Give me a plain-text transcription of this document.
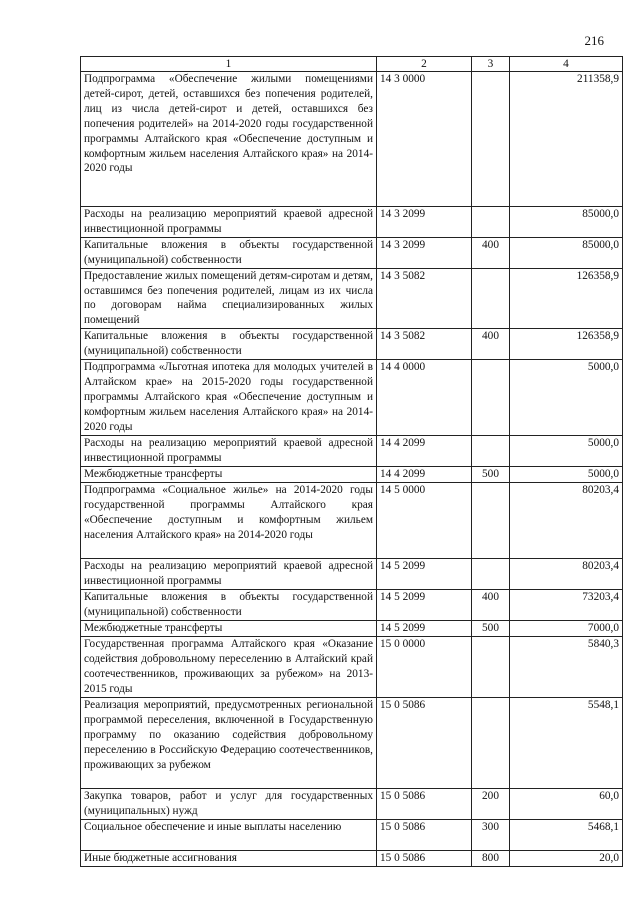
216
1	2	3	4
Подпрограмма «Обеспечение жилыми помещениями детей-сирот, детей, оставшихся без попечения родителей, лиц из числа детей-сирот и детей, оставшихся без попечения родителей» на 2014-2020 годы государственной программы Алтайского края «Обеспечение доступным и комфортным жильем населения Алтайского края» на 2014-2020 годы	14 3 0000		211358,9
Расходы на реализацию мероприятий краевой адресной инвестиционной программы	14 3 2099		85000,0
Капитальные вложения в объекты государственной (муниципальной) собственности	14 3 2099	400	85000,0
Предоставление жилых помещений детям-сиротам и детям, оставшимся без попечения родителей, лицам из их числа по договорам найма специализированных жилых помещений	14 3 5082		126358,9
Капитальные вложения в объекты государственной (муниципальной) собственности	14 3 5082	400	126358,9
Подпрограмма «Льготная ипотека для молодых учителей в Алтайском крае» на 2015-2020 годы государственной программы Алтайского края «Обеспечение доступным и комфортным жильем населения Алтайского края» на 2014-2020 годы	14 4 0000		5000,0
Расходы на реализацию мероприятий краевой адресной инвестиционной программы	14 4 2099		5000,0
Межбюджетные трансферты	14 4 2099	500	5000,0
Подпрограмма «Социальное жилье» на 2014-2020 годы государственной программы Алтайского края «Обеспечение доступным и комфортным жильем населения Алтайского края» на 2014-2020 годы	14 5 0000		80203,4
Расходы на реализацию мероприятий краевой адресной инвестиционной программы	14 5 2099		80203,4
Капитальные вложения в объекты государственной (муниципальной) собственности	14 5 2099	400	73203,4
Межбюджетные трансферты	14 5 2099	500	7000,0
Государственная программа Алтайского края «Оказание содействия добровольному переселению в Алтайский край соотечественников, проживающих за рубежом» на 2013-2015 годы	15 0 0000		5840,3
Реализация мероприятий, предусмотренных региональной программой переселения, включенной в Государственную программу по оказанию содействия добровольному переселению в Российскую Федерацию соотечественников, проживающих за рубежом	15 0 5086		5548,1
Закупка товаров, работ и услуг для государственных (муниципальных) нужд	15 0 5086	200	60,0
Социальное обеспечение и иные выплаты населению	15 0 5086	300	5468,1
Иные бюджетные ассигнования	15 0 5086	800	20,0
